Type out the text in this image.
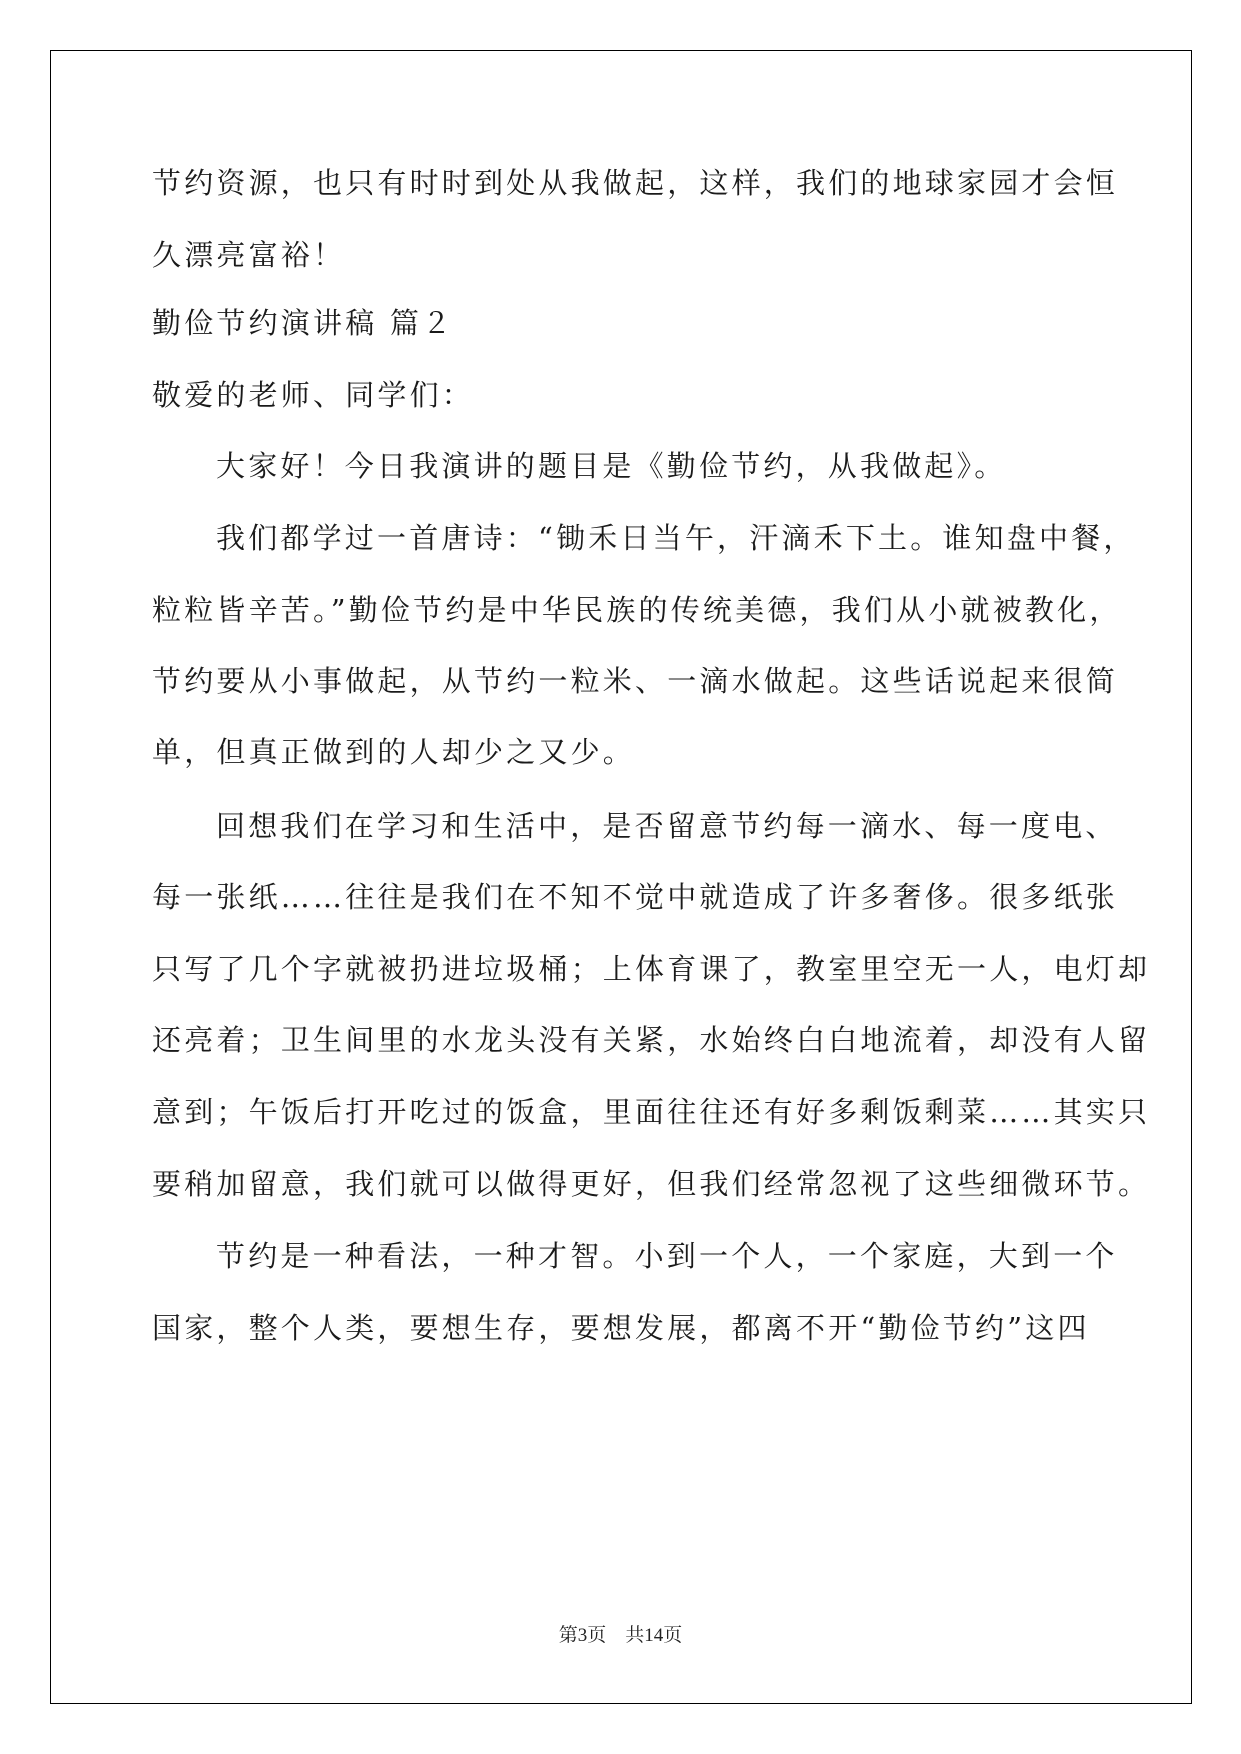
节约资源，也只有时时到处从我做起，这样，我们的地球家园才会恒
久漂亮富裕！
勤俭节约演讲稿 篇２
敬爱的老师、同学们：
大家好！今日我演讲的题目是《勤俭节约，从我做起》。
我们都学过一首唐诗：“锄禾日当午，汗滴禾下土。谁知盘中餐，
粒粒皆辛苦。”勤俭节约是中华民族的传统美德，我们从小就被教化，
节约要从小事做起，从节约一粒米、一滴水做起。这些话说起来很简
单，但真正做到的人却少之又少。
回想我们在学习和生活中，是否留意节约每一滴水、每一度电、
每一张纸……往往是我们在不知不觉中就造成了许多奢侈。很多纸张
只写了几个字就被扔进垃圾桶；上体育课了，教室里空无一人，电灯却
还亮着；卫生间里的水龙头没有关紧，水始终白白地流着，却没有人留
意到；午饭后打开吃过的饭盒，里面往往还有好多剩饭剩菜……其实只
要稍加留意，我们就可以做得更好，但我们经常忽视了这些细微环节。
节约是一种看法，一种才智。小到一个人，一个家庭，大到一个
国家，整个人类，要想生存，要想发展，都离不开“勤俭节约”这四
第3页　共14页
